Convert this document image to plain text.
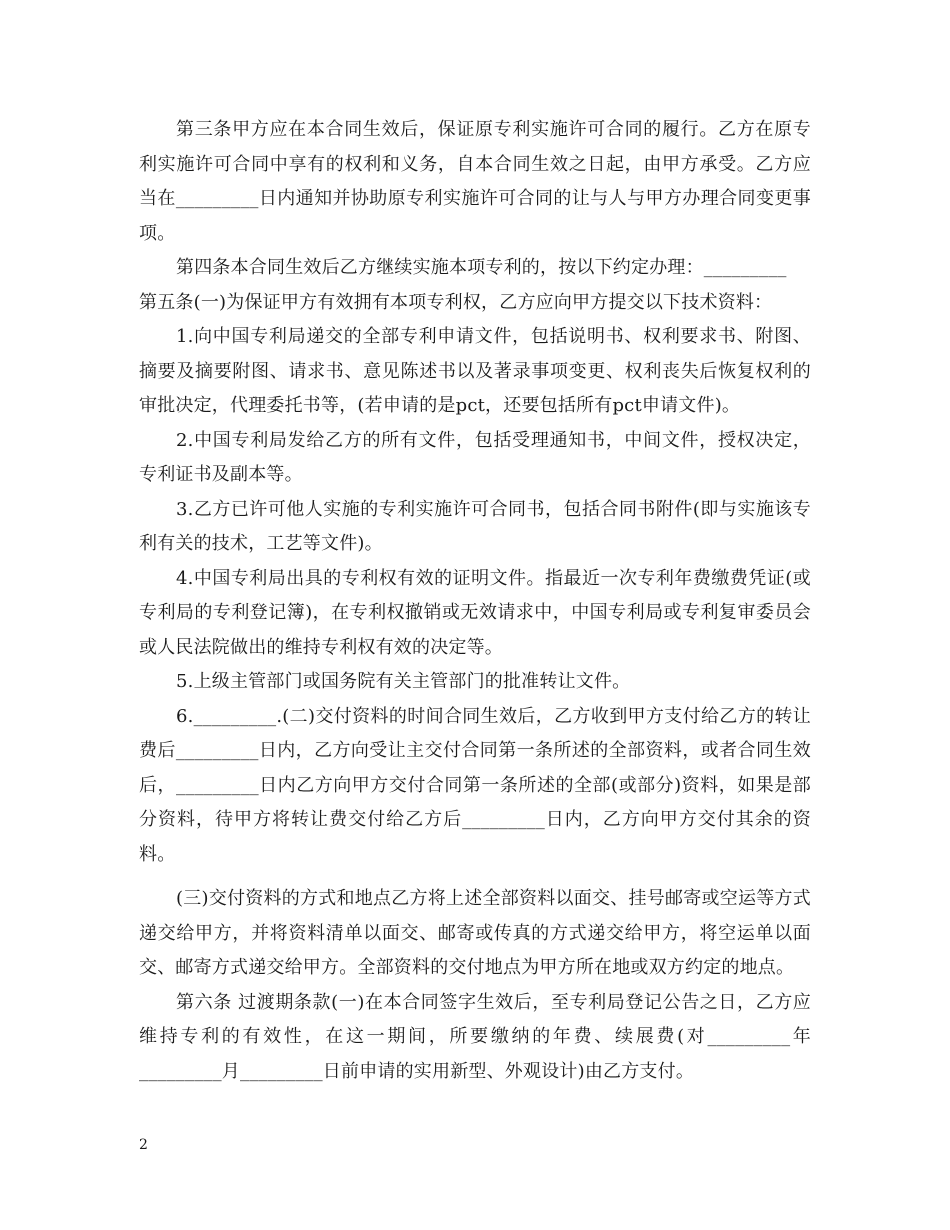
第三条甲方应在本合同生效后，保证原专利实施许可合同的履行。乙方在原专利实施许可合同中享有的权利和义务，自本合同生效之日起，由甲方承受。乙方应当在_________日内通知并协助原专利实施许可合同的让与人与甲方办理合同变更事项。

第四条本合同生效后乙方继续实施本项专利的，按以下约定办理：_________

第五条(一)为保证甲方有效拥有本项专利权，乙方应向甲方提交以下技术资料：

1.向中国专利局递交的全部专利申请文件，包括说明书、权利要求书、附图、摘要及摘要附图、请求书、意见陈述书以及著录事项变更、权利丧失后恢复权利的审批决定，代理委托书等，(若申请的是pct，还要包括所有pct申请文件)。

2.中国专利局发给乙方的所有文件，包括受理通知书，中间文件，授权决定，专利证书及副本等。

3.乙方已许可他人实施的专利实施许可合同书，包括合同书附件(即与实施该专利有关的技术，工艺等文件)。

4.中国专利局出具的专利权有效的证明文件。指最近一次专利年费缴费凭证(或专利局的专利登记簿)，在专利权撤销或无效请求中，中国专利局或专利复审委员会或人民法院做出的维持专利权有效的决定等。

5.上级主管部门或国务院有关主管部门的批准转让文件。

6._________.(二)交付资料的时间合同生效后，乙方收到甲方支付给乙方的转让费后_________日内，乙方向受让主交付合同第一条所述的全部资料，或者合同生效后，_________日内乙方向甲方交付合同第一条所述的全部(或部分)资料，如果是部分资料，待甲方将转让费交付给乙方后_________日内，乙方向甲方交付其余的资料。

(三)交付资料的方式和地点乙方将上述全部资料以面交、挂号邮寄或空运等方式递交给甲方，并将资料清单以面交、邮寄或传真的方式递交给甲方，将空运单以面交、邮寄方式递交给甲方。全部资料的交付地点为甲方所在地或双方约定的地点。

第六条 过渡期条款(一)在本合同签字生效后，至专利局登记公告之日，乙方应维持专利的有效性，在这一期间，所要缴纳的年费、续展费(对_________年_________月_________日前申请的实用新型、外观设计)由乙方支付。

2
